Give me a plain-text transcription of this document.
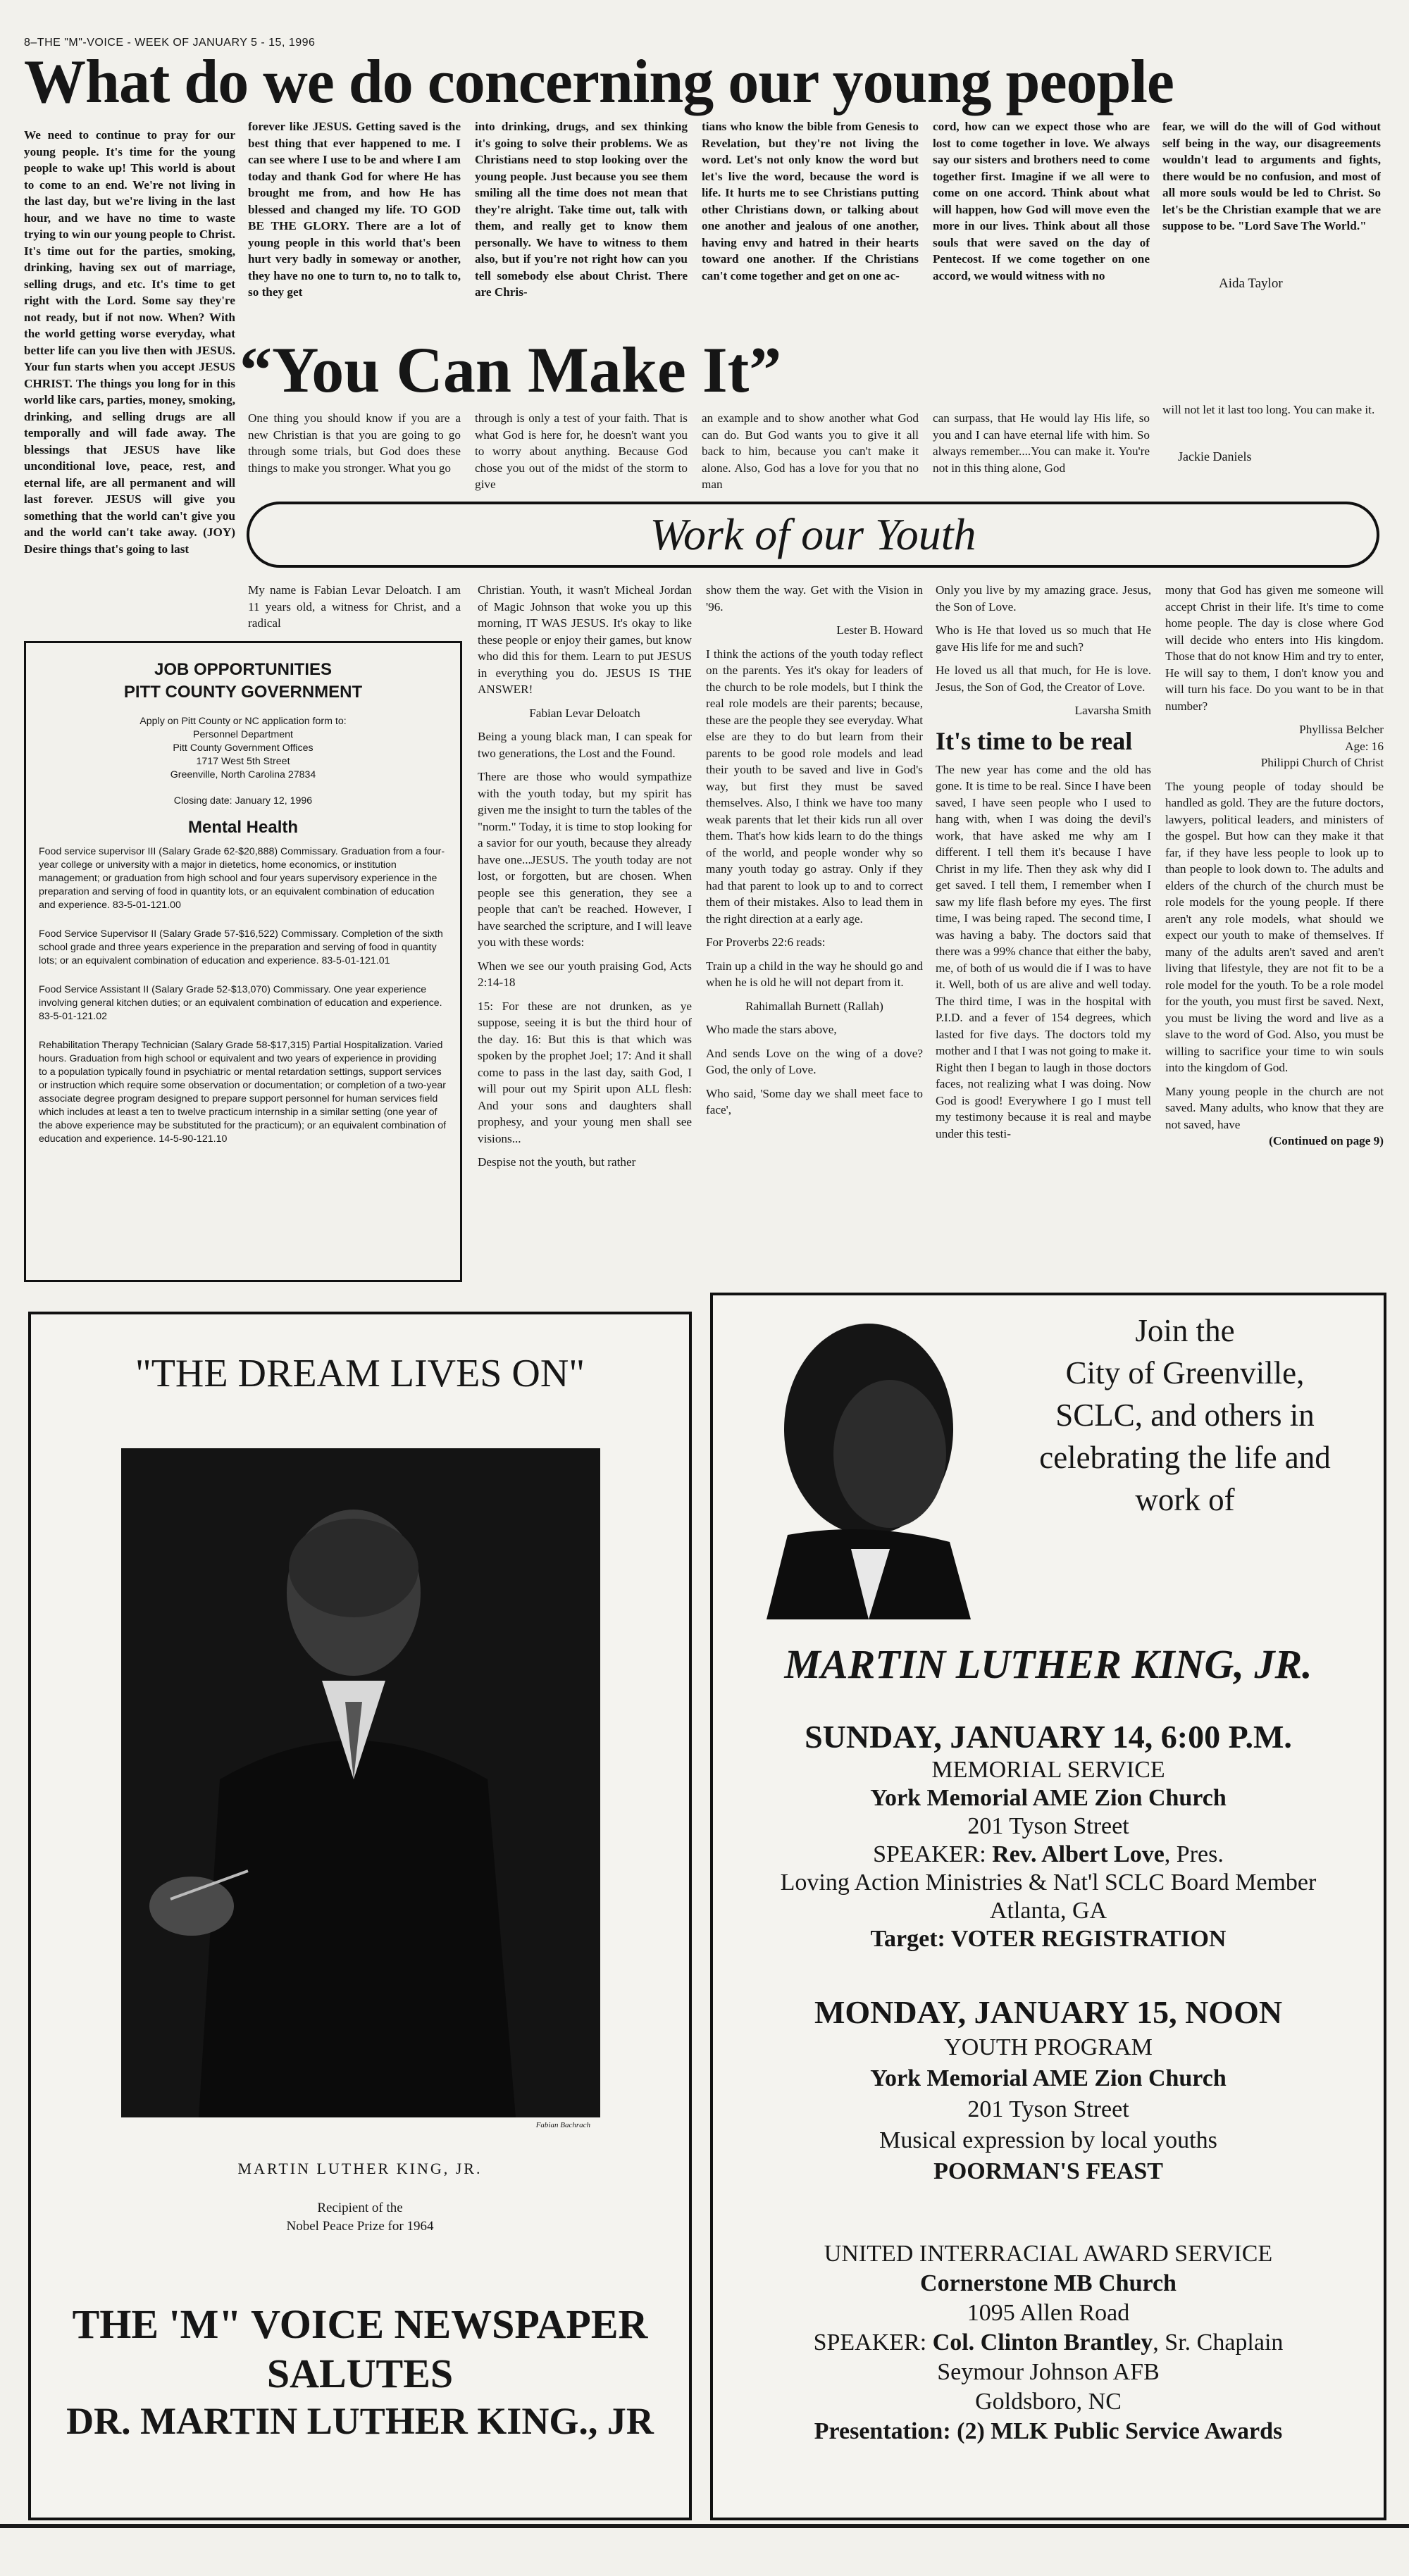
8–THE "M"-VOICE - WEEK OF JANUARY 5 - 15, 1996
What do we do concerning our young people
We need to continue to pray for our young people. It's time for the young people to wake up! This world is about to come to an end. We're not living in the last day, but we're living in the last hour, and we have no time to waste trying to win our young people to Christ. It's time out for the parties, smoking, drinking, having sex out of marriage, selling drugs, and etc. It's time to get right with the Lord. Some say they're not ready, but if not now. When? With the world getting worse everyday, what better life can you live then with JESUS. Your fun starts when you accept JESUS CHRIST. The things you long for in this world like cars, parties, money, smoking, drinking, and selling drugs are all temporally and will fade away. The blessings that JESUS have like unconditional love, peace, rest, and eternal life, are all permanent and will last forever. JESUS will give you something that the world can't give you and the world can't take away. (JOY) Desire things that's going to last
forever like JESUS. Getting saved is the best thing that ever happened to me. I can see where I use to be and where I am today and thank God for where He has brought me from, and how He has blessed and changed my life. TO GOD BE THE GLORY. There are a lot of young people in this world that's been hurt very badly in someway or another, they have no one to turn to, no to talk to, so they get
into drinking, drugs, and sex thinking it's going to solve their problems. We as Christians need to stop looking over the young people. Just because you see them smiling all the time does not mean that they're alright. Take time out, talk with them, and really get to know them personally. We have to witness to them also, but if you're not right how can you tell somebody else about Christ. There are Chris-
tians who know the bible from Genesis to Revelation, but they're not living the word. Let's not only know the word but let's live the word, because the word is life. It hurts me to see Christians putting other Christians down, or talking about one another and jealous of one another, having envy and hatred in their hearts toward one another. If the Christians can't come together and get on one ac-
cord, how can we expect those who are lost to come together in love. We always say our sisters and brothers need to come together first. Imagine if we all were to come on one accord. Think about what will happen, how God will move even the more in our lives. Think about all those souls that were saved on the day of Pentecost. If we come together on one accord, we would witness with no
fear, we will do the will of God without self being in the way, our disagreements wouldn't lead to arguments and fights, there would be no confusion, and most of all more souls would be led to Christ. So let's be the Christian example that we are suppose to be. "Lord Save The World."
Aida Taylor
“You Can Make It”
One thing you should know if you are a new Christian is that you are going to go through some trials, but God does these things to make you stronger. What you go
through is only a test of your faith. That is what God is here for, he doesn't want you to worry about anything. Because God chose you out of the midst of the storm to give
an example and to show another what God can do. But God wants you to give it all back to him, because you can't make it alone. Also, God has a love for you that no man
can surpass, that He would lay His life, so you and I can have eternal life with him. So always remember....You can make it. You're not in this thing alone, God
will not let it last too long. You can make it.
Jackie Daniels
Work of our Youth
My name is Fabian Levar Deloatch. I am 11 years old, a witness for Christ, and a radical

Christian. Youth, it wasn't Micheal Jordan of Magic Johnson that woke you up this morning, IT WAS JESUS. It's okay to like these people or enjoy their games, but know who did this for them. Learn to put JESUS in everything you do. JESUS IS THE ANSWER!

Fabian Levar Deloatch

Being a young black man, I can speak for two generations, the Lost and the Found.

There are those who would sympathize with the youth today, but my spirit has given me the insight to turn the tables of the "norm." Today, it is time to stop looking for a savior for our youth, because they already have one...JESUS. The youth today are not lost, or forgotten, but are chosen. When people see this generation, they see a people that can't be reached. However, I have searched the scripture, and I will leave you with these words:

When we see our youth praising God, Acts 2:14-18

15: For these are not drunken, as ye suppose, seeing it is but the third hour of the day. 16: But this is that which was spoken by the prophet Joel; 17: And it shall come to pass in the last day, saith God, I will pour out my Spirit upon ALL flesh: And your sons and daughters shall prophesy, and your young men shall see visions...

Despise not the youth, but rather

show them the way. Get with the Vision in '96.

Lester B. Howard

I think the actions of the youth today reflect on the parents. Yes it's okay for leaders of the church to be role models, but I think the real role models are their parents; because, these are the people they see everyday. What else are they to do but learn from their parents to be good role models and lead their youth to be saved and live in God's way, but first they must be saved themselves. Also, I think we have too many weak parents that let their kids run all over them. That's how kids learn to do the things of the world, and people wonder why so many youth today go astray. Only if they had that parent to look up to and to correct them of their mistakes. Also to lead them in the right direction at a early age.

For Proverbs 22:6 reads:

Train up a child in the way he should go and when he is old he will not depart from it.

Rahimallah Burnett (Rallah)

Who made the stars above,

And sends Love on the wing of a dove? God, the only of Love.

Who said, 'Some day we shall meet face to face',

Only you live by my amazing grace. Jesus, the Son of Love.

Who is He that loved us so much that He gave His life for me and such?

He loved us all that much, for He is love. Jesus, the Son of God, the Creator of Love.

Lavarsha Smith

It's time to be real

The new year has come and the old has gone. It is time to be real. Since I have been saved, I have seen people who I used to hang with, when I was doing the devil's work, that have asked me why am I different. I tell them it's because I have Christ in my life. Then they ask why did I get saved. I tell them, I remember when I saw my life flash before my eyes. The first time, I was being raped. The second time, I was having a baby. The doctors said that there was a 99% chance that either the baby, me, of both of us would die if I was to have it. Well, both of us are alive and well today. The third time, I was in the hospital with P.I.D. and a fever of 154 degrees, which lasted for five days. The doctors told my mother and I that I was not going to make it. Right then I began to laugh in those doctors faces, not realizing what I was doing. Now God is good! Everywhere I go I must tell my testimony because it is real and maybe under this testi-

mony that God has given me someone will accept Christ in their life. It's time to come home people. The day is close where God will decide who enters into His kingdom. Those that do not know Him and try to enter, He will say to them, I don't know you and will turn his face. Do you want to be in that number?

Phyllissa Belcher

Age: 16

Philippi Church of Christ

The young people of today should be handled as gold. They are the future doctors, lawyers, political leaders, and ministers of the gospel. But how can they make it that far, if they have less people to look up to than people to look down to. The adults and elders of the church of the church must be role models for the young people. If there aren't any role models, what should we expect our youth to make of themselves. If many of the adults aren't saved and aren't living that lifestyle, they are not fit to be a role model for the youth. To be a role model for the youth, you must first be saved. Next, you must be living the word and live as a slave to the word of God. Also, you must be willing to sacrifice your time to win souls into the kingdom of God.

Many young people in the church are not saved. Many adults, who know that they are not saved, have

(Continued on page 9)

JOB OPPORTUNITIES
PITT COUNTY GOVERNMENT
Apply on Pitt County or NC application form to:
Personnel Department
Pitt County Government Offices
1717 West 5th Street
Greenville, North Carolina 27834
Closing date: January 12, 1996
Mental Health

Food service supervisor III (Salary Grade 62-$20,888) Commissary. Graduation from a four-year college or university with a major in dietetics, home economics, or institution management; or graduation from high school and four years supervisory experience in the preparation and serving of food in quantity lots, or an equivalent combination of education and experience. 83-5-01-121.00

Food Service Supervisor II (Salary Grade 57-$16,522) Commissary. Completion of the sixth school grade and three years experience in the preparation and serving of food in quantity lots; or an equivalent combination of education and experience. 83-5-01-121.01

Food Service Assistant II (Salary Grade 52-$13,070) Commissary. One year experience involving general kitchen duties; or an equivalent combination of education and experience. 83-5-01-121.02

Rehabilitation Therapy Technician (Salary Grade 58-$17,315) Partial Hospitalization. Varied hours. Graduation from high school or equivalent and two years of experience in providing to a population typically found in psychiatric or mental retardation settings, support services or instruction which require some observation or documentation; or completion of a two-year associate degree program designed to prepare support personnel for human services field which includes at least a ten to twelve practicum internship in a similar setting (one year of the above experience may be substituted for the practicum); or an equivalent combination of education and experience. 14-5-90-121.10

"THE DREAM LIVES ON"
Fabian Bachrach
MARTIN LUTHER KING, JR.
Recipient of the
Nobel Peace Prize for 1964
THE 'M" VOICE NEWSPAPER
SALUTES
DR. MARTIN LUTHER KING., JR
Join the
City of Greenville,
SCLC, and others in
celebrating the life and
work of
MARTIN LUTHER KING, JR.
SUNDAY, JANUARY 14, 6:00 P.M.
MEMORIAL SERVICE
York Memorial AME Zion Church
201 Tyson Street
SPEAKER: Rev. Albert Love, Pres.
Loving Action Ministries & Nat'l SCLC Board Member
Atlanta, GA
Target: VOTER REGISTRATION
MONDAY, JANUARY 15, NOON
YOUTH PROGRAM
York Memorial AME Zion Church
201 Tyson Street
Musical expression by local youths
POORMAN'S FEAST
UNITED INTERRACIAL AWARD SERVICE
Cornerstone MB Church
1095 Allen Road
SPEAKER: Col. Clinton Brantley, Sr. Chaplain
Seymour Johnson AFB
Goldsboro, NC
Presentation: (2) MLK Public Service Awards
